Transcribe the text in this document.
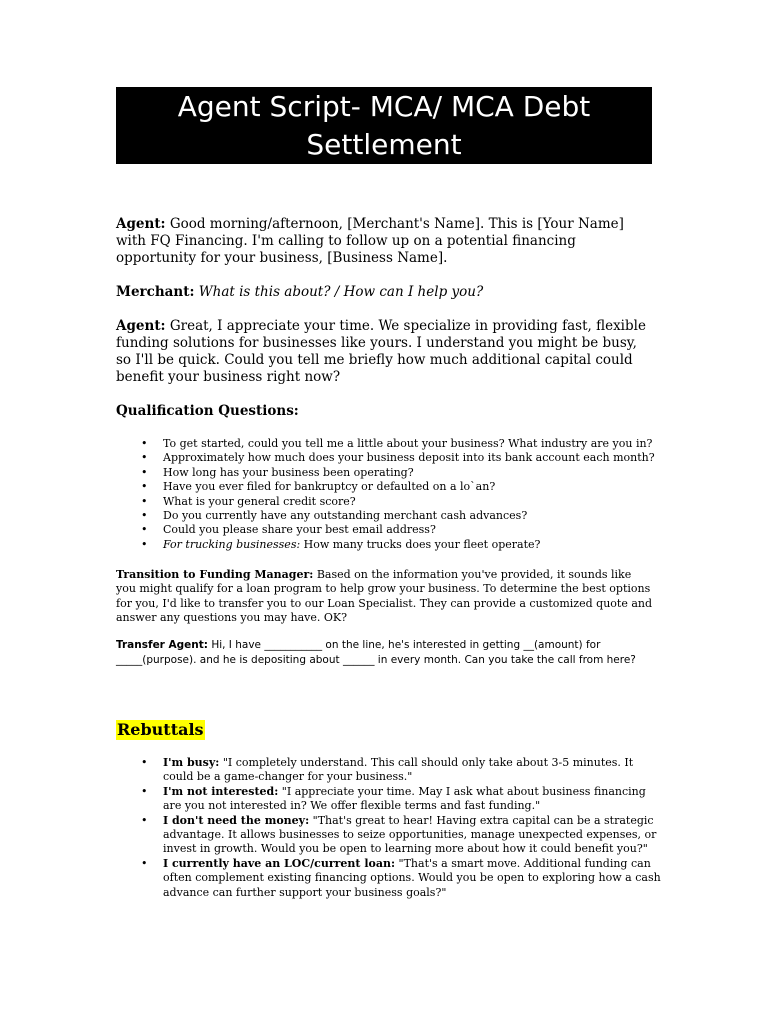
Agent Script- MCA/ MCA Debt
Settlement
Agent: Good morning/afternoon, [Merchant's Name]. This is [Your Name] with FQ Financing. I'm calling to follow up on a potential financing opportunity for your business, [Business Name].
Merchant: What is this about? / How can I help you?
Agent: Great, I appreciate your time. We specialize in providing fast, flexible funding solutions for businesses like yours. I understand you might be busy, so I'll be quick. Could you tell me briefly how much additional capital could benefit your business right now?
Qualification Questions:
• To get started, could you tell me a little about your business? What industry are you in?
• Approximately how much does your business deposit into its bank account each month?
• How long has your business been operating?
• Have you ever filed for bankruptcy or defaulted on a lo`an?
• What is your general credit score?
• Do you currently have any outstanding merchant cash advances?
• Could you please share your best email address?
• For trucking businesses: How many trucks does your fleet operate?
Transition to Funding Manager: Based on the information you've provided, it sounds like you might qualify for a loan program to help grow your business. To determine the best options for you, I'd like to transfer you to our Loan Specialist. They can provide a customized quote and answer any questions you may have. OK?
Transfer Agent: Hi, I have ___________ on the line, he's interested in getting __(amount) for _____(purpose). and he is depositing about ______ in every month. Can you take the call from here?
Rebuttals
• I'm busy: "I completely understand. This call should only take about 3-5 minutes. It could be a game-changer for your business."
• I'm not interested: "I appreciate your time. May I ask what about business financing are you not interested in? We offer flexible terms and fast funding."
• I don't need the money: "That's great to hear! Having extra capital can be a strategic advantage. It allows businesses to seize opportunities, manage unexpected expenses, or invest in growth. Would you be open to learning more about how it could benefit you?"
• I currently have an LOC/current loan: "That's a smart move. Additional funding can often complement existing financing options. Would you be open to exploring how a cash advance can further support your business goals?"
